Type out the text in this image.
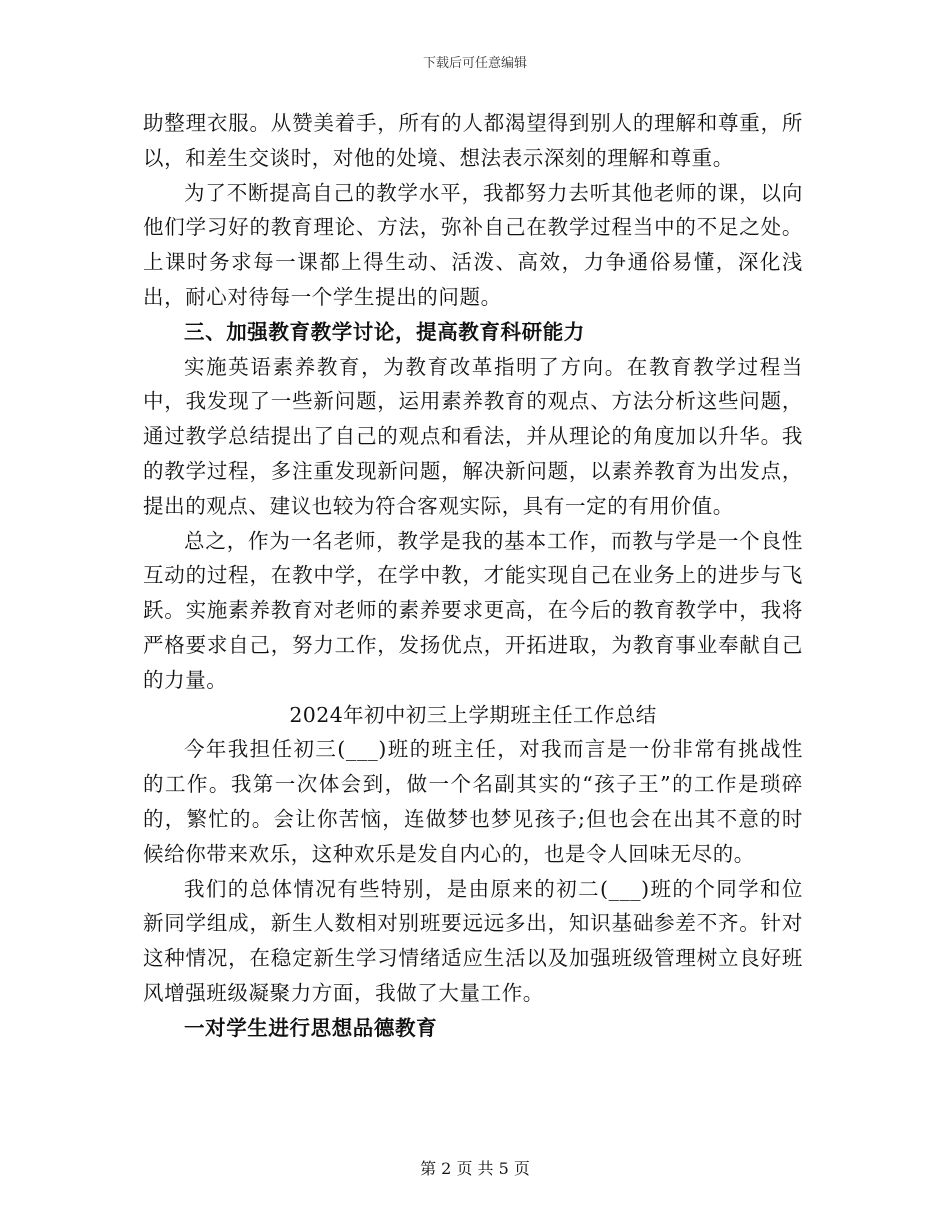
下载后可任意编辑

助整理衣服。从赞美着手，所有的人都渴望得到别人的理解和尊重，所以，和差生交谈时，对他的处境、想法表示深刻的理解和尊重。

为了不断提高自己的教学水平，我都努力去听其他老师的课，以向他们学习好的教育理论、方法，弥补自己在教学过程当中的不足之处。上课时务求每一课都上得生动、活泼、高效，力争通俗易懂，深化浅出，耐心对待每一个学生提出的问题。

三、加强教育教学讨论，提高教育科研能力

实施英语素养教育，为教育改革指明了方向。在教育教学过程当中，我发现了一些新问题，运用素养教育的观点、方法分析这些问题，通过教学总结提出了自己的观点和看法，并从理论的角度加以升华。我的教学过程，多注重发现新问题，解决新问题，以素养教育为出发点，提出的观点、建议也较为符合客观实际，具有一定的有用价值。

总之，作为一名老师，教学是我的基本工作，而教与学是一个良性互动的过程，在教中学，在学中教，才能实现自己在业务上的进步与飞跃。实施素养教育对老师的素养要求更高，在今后的教育教学中，我将严格要求自己，努力工作，发扬优点，开拓进取，为教育事业奉献自己的力量。

2024年初中初三上学期班主任工作总结

今年我担任初三(___)班的班主任，对我而言是一份非常有挑战性的工作。我第一次体会到，做一个名副其实的“孩子王”的工作是琐碎的，繁忙的。会让你苦恼，连做梦也梦见孩子;但也会在出其不意的时候给你带来欢乐，这种欢乐是发自内心的，也是令人回味无尽的。

我们的总体情况有些特别，是由原来的初二(___)班的个同学和位新同学组成，新生人数相对别班要远远多出，知识基础参差不齐。针对这种情况，在稳定新生学习情绪适应生活以及加强班级管理树立良好班风增强班级凝聚力方面，我做了大量工作。

一对学生进行思想品德教育

第 2 页 共 5 页
